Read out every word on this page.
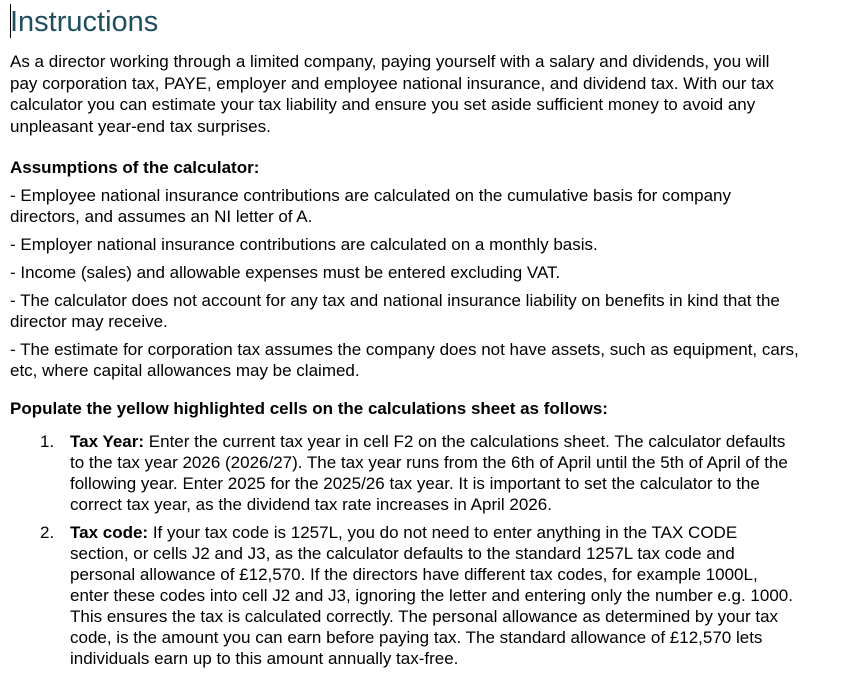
Instructions

As a director working through a limited company, paying yourself with a salary and dividends, you will pay corporation tax, PAYE, employer and employee national insurance, and dividend tax. With our tax calculator you can estimate your tax liability and ensure you set aside sufficient money to avoid any unpleasant year-end tax surprises.

Assumptions of the calculator:

- Employee national insurance contributions are calculated on the cumulative basis for company directors, and assumes an NI letter of A.

- Employer national insurance contributions are calculated on a monthly basis.

- Income (sales) and allowable expenses must be entered excluding VAT.

- The calculator does not account for any tax and national insurance liability on benefits in kind that the director may receive.

- The estimate for corporation tax assumes the company does not have assets, such as equipment, cars, etc, where capital allowances may be claimed.

Populate the yellow highlighted cells on the calculations sheet as follows:

1. Tax Year: Enter the current tax year in cell F2 on the calculations sheet. The calculator defaults to the tax year 2026 (2026/27). The tax year runs from the 6th of April until the 5th of April of the following year. Enter 2025 for the 2025/26 tax year. It is important to set the calculator to the correct tax year, as the dividend tax rate increases in April 2026.
2. Tax code: If your tax code is 1257L, you do not need to enter anything in the TAX CODE section, or cells J2 and J3, as the calculator defaults to the standard 1257L tax code and personal allowance of £12,570. If the directors have different tax codes, for example 1000L, enter these codes into cell J2 and J3, ignoring the letter and entering only the number e.g. 1000. This ensures the tax is calculated correctly. The personal allowance as determined by your tax code, is the amount you can earn before paying tax. The standard allowance of £12,570 lets individuals earn up to this amount annually tax-free.
